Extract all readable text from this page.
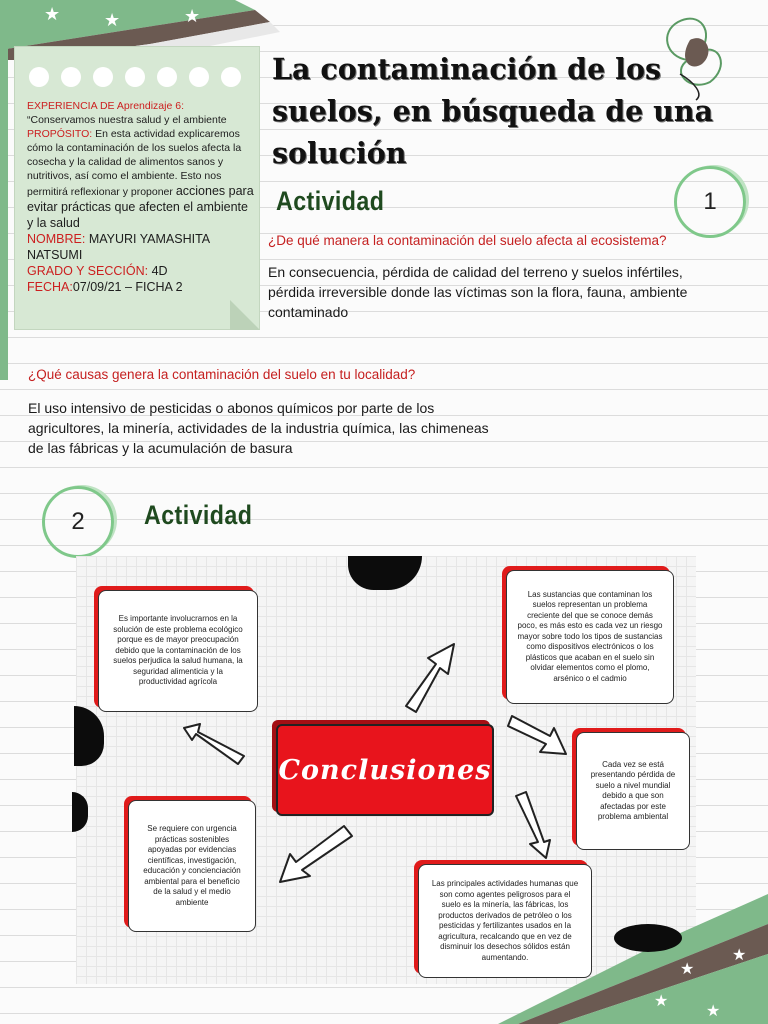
★ ★	★
EXPERIENCIA DE Aprendizaje 6:
“Conservamos nuestra salud y el ambiente
PROPÓSITO: En esta actividad explicaremos cómo la contaminación de los suelos afecta la cosecha y la calidad de alimentos sanos y nutritivos, así como el ambiente. Esto nos permitirá reflexionar y proponer acciones para evitar prácticas que afecten el ambiente y la salud
NOMBRE: MAYURI YAMASHITA NATSUMI
GRADO Y SECCIÓN: 4D
FECHA:07/09/21 – FICHA 2
La contaminación de los
suelos, en búsqueda de una
solución
Actividad	1
¿De qué manera la contaminación del suelo afecta al ecosistema?
En consecuencia, pérdida de calidad del terreno y suelos infértiles, pérdida irreversible donde las víctimas son la flora, fauna, ambiente contaminado
¿Qué causas genera la contaminación del suelo en tu localidad?
El uso intensivo de pesticidas o abonos químicos por parte de los agricultores, la minería, actividades de la industria química, las chimeneas de las fábricas y la acumulación de basura
2	Actividad
Es importante involucrarnos en la solución de este problema ecológico porque es de mayor preocupación debido que la contaminación de los suelos perjudica la salud humana, la seguridad alimenticia y la productividad agrícola
Las sustancias que contaminan los suelos representan un problema creciente del que se conoce demás poco, es más esto es cada vez un riesgo mayor sobre todo los tipos de sustancias como dispositivos electrónicos o los plásticos que acaban en el suelo sin olvidar elementos como el plomo, arsénico o el cadmio
Cada vez se está presentando pérdida de suelo a nivel mundial debido a que son afectadas por este problema ambiental
Se requiere con urgencia prácticas sostenibles apoyadas por evidencias científicas, investigación, educación y concienciación ambiental para el beneficio de la salud y el medio ambiente
Las principales actividades humanas que son como agentes peligrosos para el suelo es la minería, las fábricas, los productos derivados de petróleo o los pesticidas y fertilizantes usados en la agricultura, recalcando que en vez de disminuir los desechos sólidos están aumentando.
Conclusiones
★
★
★
★
